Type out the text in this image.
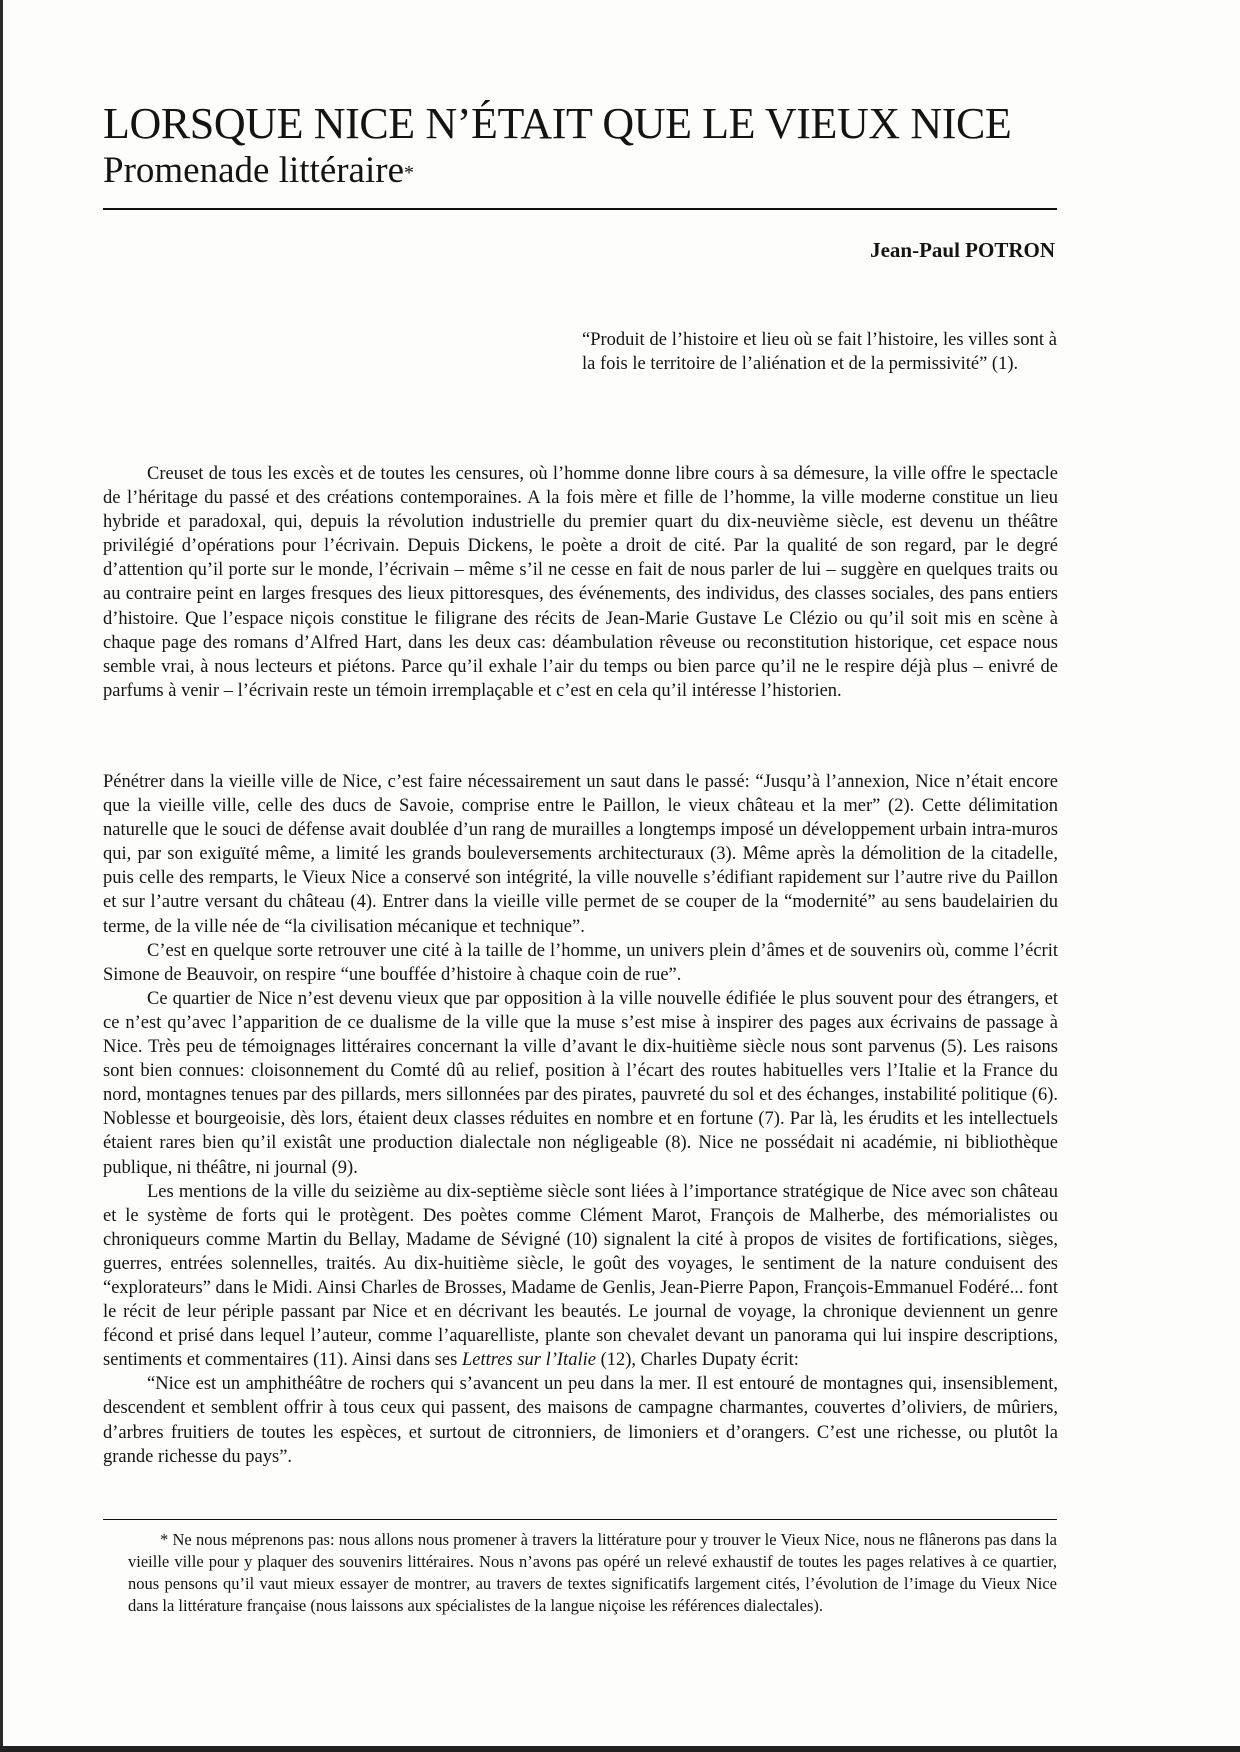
LORSQUE NICE N’ÉTAIT QUE LE VIEUX NICE
Promenade littéraire*
Jean-Paul POTRON
“Produit de l’histoire et lieu où se fait l’histoire, les villes sont à la fois le territoire de l’aliénation et de la permissivité” (1).

Creuset de tous les excès et de toutes les censures, où l’homme donne libre cours à sa démesure, la ville offre le spectacle de l’héritage du passé et des créations contemporaines. A la fois mère et fille de l’homme, la ville moderne constitue un lieu hybride et paradoxal, qui, depuis la révolution industrielle du premier quart du dix-neuvième siècle, est devenu un théâtre privilégié d’opérations pour l’écrivain. Depuis Dickens, le poète a droit de cité. Par la qualité de son regard, par le degré d’attention qu’il porte sur le monde, l’écrivain – même s’il ne cesse en fait de nous parler de lui – suggère en quelques traits ou au contraire peint en larges fresques des lieux pittoresques, des événements, des individus, des classes sociales, des pans entiers d’histoire. Que l’espace niçois constitue le filigrane des récits de Jean-Marie Gustave Le Clézio ou qu’il soit mis en scène à chaque page des romans d’Alfred Hart, dans les deux cas: déambulation rêveuse ou reconstitution historique, cet espace nous semble vrai, à nous lecteurs et piétons. Parce qu’il exhale l’air du temps ou bien parce qu’il ne le respire déjà plus – enivré de parfums à venir – l’écrivain reste un témoin irremplaçable et c’est en cela qu’il intéresse l’historien.

Pénétrer dans la vieille ville de Nice, c’est faire nécessairement un saut dans le passé: “Jusqu’à l’annexion, Nice n’était encore que la vieille ville, celle des ducs de Savoie, comprise entre le Paillon, le vieux château et la mer” (2). Cette délimitation naturelle que le souci de défense avait doublée d’un rang de murailles a longtemps imposé un développement urbain intra-muros qui, par son exiguïté même, a limité les grands bouleversements architecturaux (3). Même après la démolition de la citadelle, puis celle des remparts, le Vieux Nice a conservé son intégrité, la ville nouvelle s’édifiant rapidement sur l’autre rive du Paillon et sur l’autre versant du château (4). Entrer dans la vieille ville permet de se couper de la “modernité” au sens baudelairien du terme, de la ville née de “la civilisation mécanique et technique”.

C’est en quelque sorte retrouver une cité à la taille de l’homme, un univers plein d’âmes et de souvenirs où, comme l’écrit Simone de Beauvoir, on respire “une bouffée d’histoire à chaque coin de rue”.

Ce quartier de Nice n’est devenu vieux que par opposition à la ville nouvelle édifiée le plus souvent pour des étrangers, et ce n’est qu’avec l’apparition de ce dualisme de la ville que la muse s’est mise à inspirer des pages aux écrivains de passage à Nice. Très peu de témoignages littéraires concernant la ville d’avant le dix-huitième siècle nous sont parvenus (5). Les raisons sont bien connues: cloisonnement du Comté dû au relief, position à l’écart des routes habituelles vers l’Italie et la France du nord, montagnes tenues par des pillards, mers sillonnées par des pirates, pauvreté du sol et des échanges, instabilité politique (6). Noblesse et bourgeoisie, dès lors, étaient deux classes réduites en nombre et en fortune (7). Par là, les érudits et les intellectuels étaient rares bien qu’il existât une production dialectale non négligeable (8). Nice ne possédait ni académie, ni bibliothèque publique, ni théâtre, ni journal (9).

Les mentions de la ville du seizième au dix-septième siècle sont liées à l’importance stratégique de Nice avec son château et le système de forts qui le protègent. Des poètes comme Clément Marot, François de Malherbe, des mémorialistes ou chroniqueurs comme Martin du Bellay, Madame de Sévigné (10) signalent la cité à propos de visites de fortifications, sièges, guerres, entrées solennelles, traités. Au dix-huitième siècle, le goût des voyages, le sentiment de la nature conduisent des “explorateurs” dans le Midi. Ainsi Charles de Brosses, Madame de Genlis, Jean-Pierre Papon, François-Emmanuel Fodéré... font le récit de leur périple passant par Nice et en décrivant les beautés. Le journal de voyage, la chronique deviennent un genre fécond et prisé dans lequel l’auteur, comme l’aquarelliste, plante son chevalet devant un panorama qui lui inspire descriptions, sentiments et commentaires (11). Ainsi dans ses Lettres sur l’Italie (12), Charles Dupaty écrit:

“Nice est un amphithéâtre de rochers qui s’avancent un peu dans la mer. Il est entouré de montagnes qui, insensiblement, descendent et semblent offrir à tous ceux qui passent, des maisons de campagne charmantes, couvertes d’oliviers, de mûriers, d’arbres fruitiers de toutes les espèces, et surtout de citronniers, de limoniers et d’orangers. C’est une richesse, ou plutôt la grande richesse du pays”.

* Ne nous méprenons pas: nous allons nous promener à travers la littérature pour y trouver le Vieux Nice, nous ne flânerons pas dans la vieille ville pour y plaquer des souvenirs littéraires. Nous n’avons pas opéré un relevé exhaustif de toutes les pages relatives à ce quartier, nous pensons qu’il vaut mieux essayer de montrer, au travers de textes significatifs largement cités, l’évolution de l’image du Vieux Nice dans la littérature française (nous laissons aux spécialistes de la langue niçoise les références dialectales).
